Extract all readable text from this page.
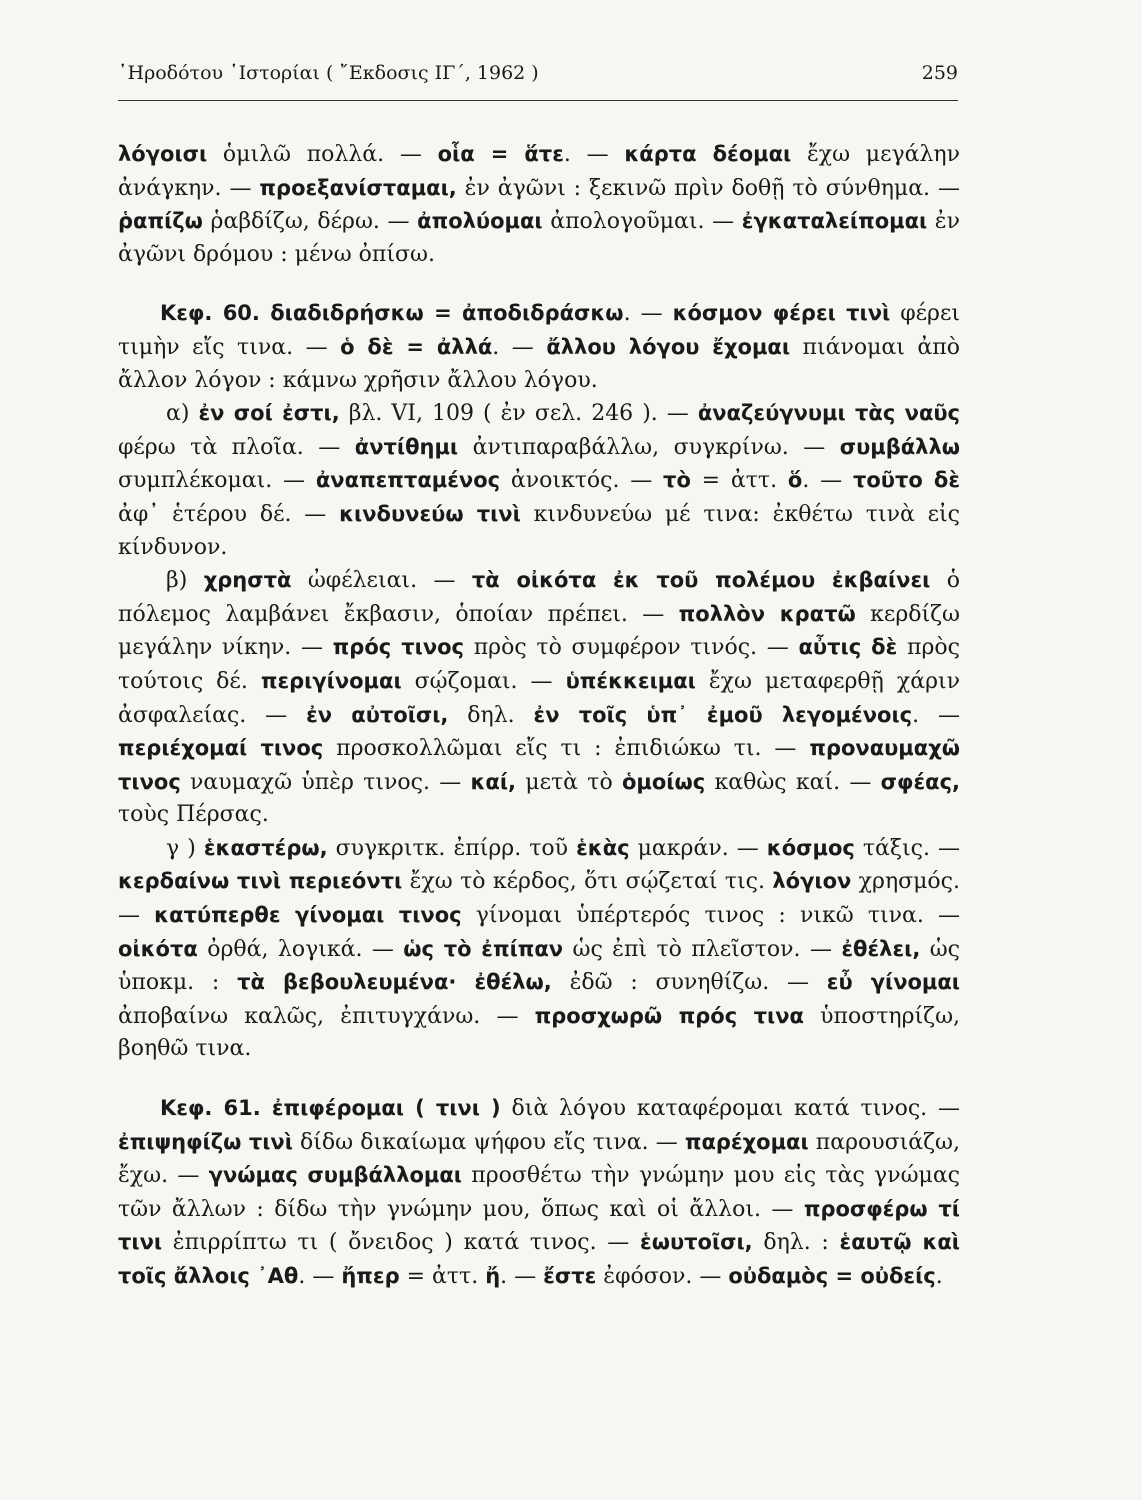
῾Ηροδότου ῾Ιστορίαι ( ῎Εκδοσις ΙΓ΄, 1962 )	259

λόγοισι ὁμιλῶ πολλά. — οἷα = ἅτε. — κάρτα δέομαι ἔχω μεγάλην ἀνάγκην. — προεξανίσταμαι, ἐν ἀγῶνι : ξεκινῶ πρὶν δοθῇ τὸ σύνθημα. — ῥαπίζω ῥαβδίζω, δέρω. — ἀπολύομαι ἀπολογοῦμαι. — ἐγκαταλείπομαι ἐν ἀγῶνι δρόμου : μένω ὀπίσω.

Κεφ. 60. διαδιδρήσκω = ἀποδιδράσκω. — κόσμον φέρει τινὶ φέρει τιμὴν εἴς τινα. — ὁ δὲ = ἀλλά. — ἄλλου λόγου ἔχομαι πιάνομαι ἀπὸ ἄλλον λόγον : κάμνω χρῆσιν ἄλλου λόγου.

α) ἐν σοί ἐστι, βλ. VI, 109 ( ἐν σελ. 246 ). — ἀναζεύγνυμι τὰς ναῦς φέρω τὰ πλοῖα. — ἀντίθημι ἀντιπαραβάλλω, συγκρίνω. — συμβάλλω συμπλέκομαι. — ἀναπεπταμένος ἀνοικτός. — τὸ = ἀττ. ὅ. — τοῦτο δὲ ἀφ᾽ ἑτέρου δέ. — κινδυνεύω τινὶ κινδυνεύω μέ τινα: ἐκθέτω τινὰ εἰς κίνδυνον.

β) χρηστὰ ὠφέλειαι. — τὰ οἰκότα ἐκ τοῦ πολέμου ἐκβαίνει ὁ πόλεμος λαμβάνει ἔκβασιν, ὁποίαν πρέπει. — πολλὸν κρατῶ κερδίζω μεγάλην νίκην. — πρός τινος πρὸς τὸ συμφέρον τινός. — αὖτις δὲ πρὸς τούτοις δέ. περιγίνομαι σῴζομαι. — ὑπέκκειμαι ἔχω μεταφερθῇ χάριν ἀσφαλείας. — ἐν αὐτοῖσι, δηλ. ἐν τοῖς ὑπ᾽ ἐμοῦ λεγομένοις. — περιέχομαί τινος προσκολλῶμαι εἴς τι : ἐπιδιώκω τι. — προναυμαχῶ τινος ναυμαχῶ ὑπὲρ τινος. — καί, μετὰ τὸ ὁμοίως καθὼς καί. — σφέας, τοὺς Πέρσας.

γ ) ἑκαστέρω, συγκριτκ. ἐπίρρ. τοῦ ἑκὰς μακράν. — κόσμος τάξις. — κερδαίνω τινὶ περιεόντι ἔχω τὸ κέρδος, ὅτι σῴζεταί τις. λόγιον χρησμός. — κατύπερθε γίνομαι τινος γίνομαι ὑπέρτερός τινος : νικῶ τινα. — οἰκότα ὀρθά, λογικά. — ὡς τὸ ἐπίπαν ὡς ἐπὶ τὸ πλεῖστον. — ἐθέλει, ὡς ὑποκμ. : τὰ βεβουλευμένα· ἐθέλω, ἐδῶ : συνηθίζω. — εὖ γίνομαι ἀποβαίνω καλῶς, ἐπιτυγχάνω. — προσχωρῶ πρός τινα ὑποστηρίζω, βοηθῶ τινα.

Κεφ. 61. ἐπιφέρομαι ( τινι ) διὰ λόγου καταφέρομαι κατά τινος. — ἐπιψηφίζω τινὶ δίδω δικαίωμα ψήφου εἴς τινα. — παρέχομαι παρουσιάζω, ἔχω. — γνώμας συμβάλλομαι προσθέτω τὴν γνώμην μου εἰς τὰς γνώμας τῶν ἄλλων : δίδω τὴν γνώμην μου, ὅπως καὶ οἱ ἄλλοι. — προσφέρω τί τινι ἐπιρρίπτω τι ( ὄνειδος ) κατά τινος. — ἑωυτοῖσι, δηλ. : ἑαυτῷ καὶ τοῖς ἄλλοις ᾿Αθ. — ἤπερ = ἀττ. ἤ. — ἔστε ἐφόσον. — οὐδαμὸς = οὐδείς.
